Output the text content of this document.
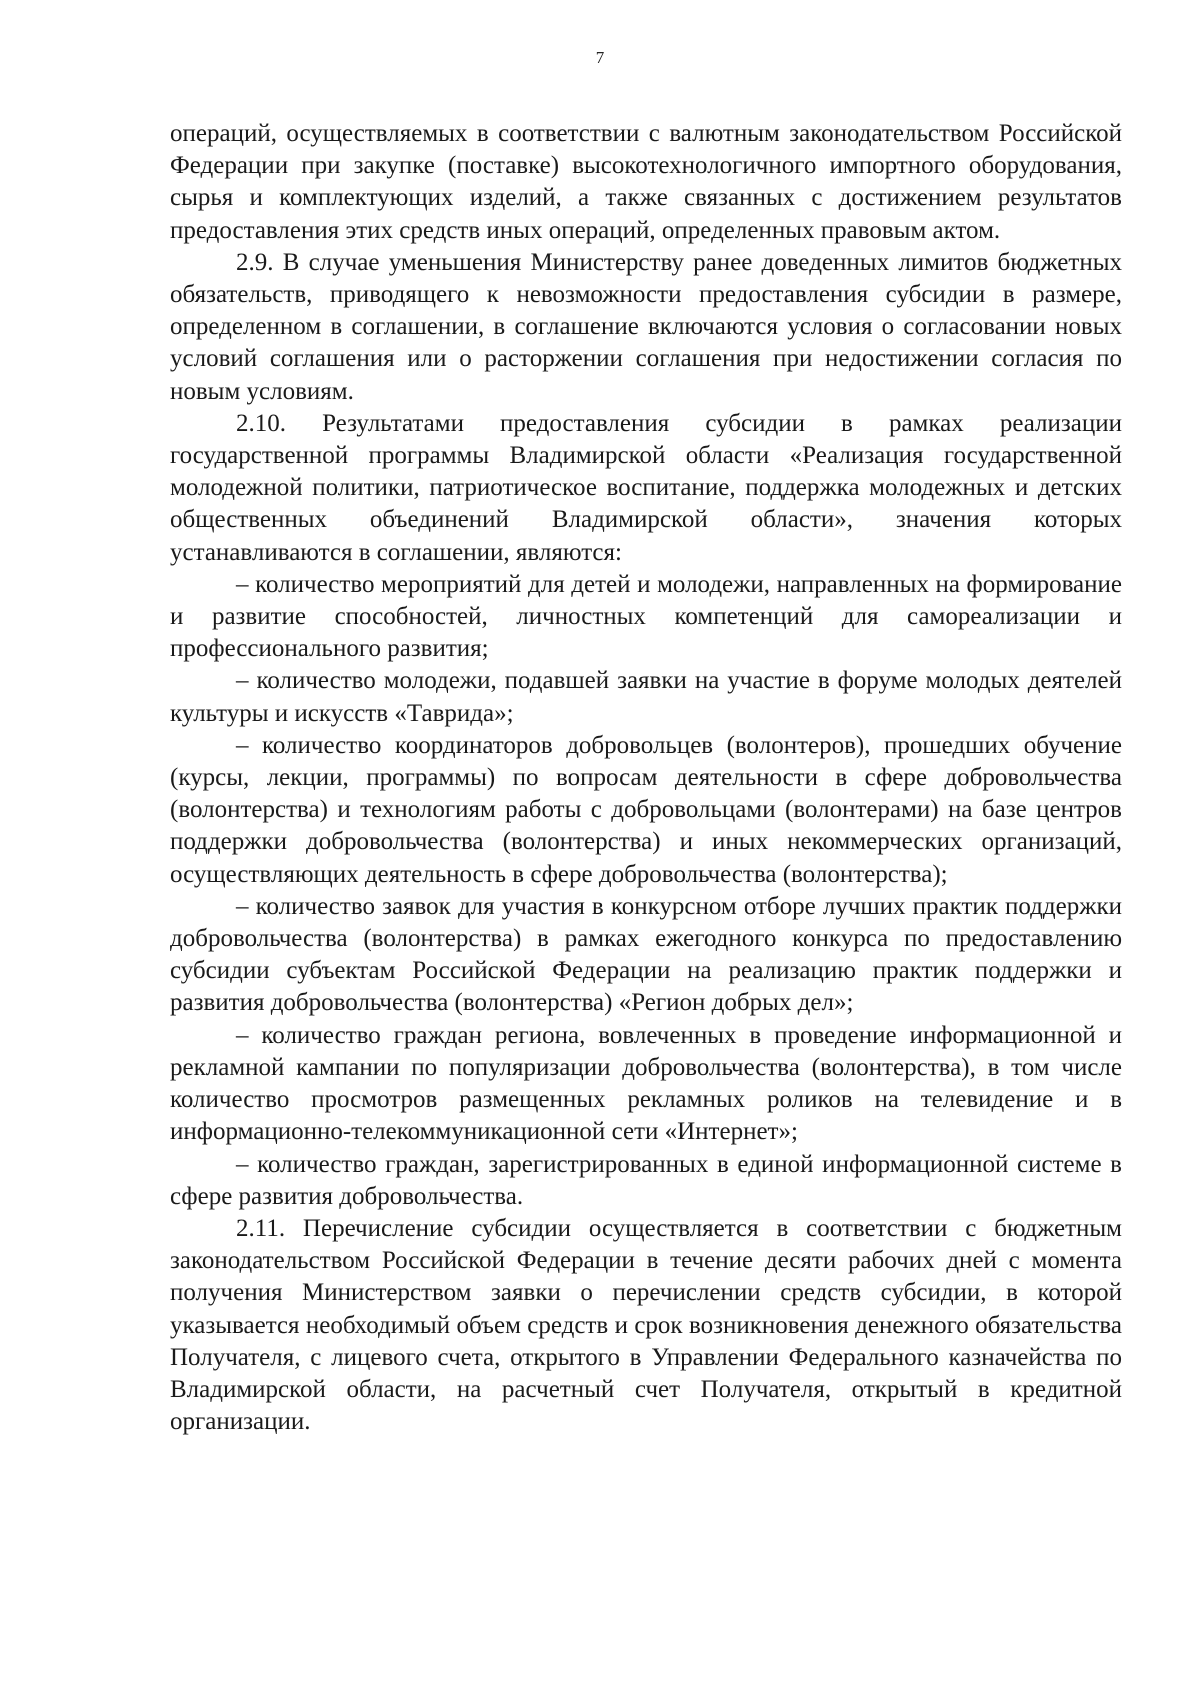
7

операций, осуществляемых в соответствии с валютным законодательством Российской Федерации при закупке (поставке) высокотехнологичного импортного оборудования, сырья и комплектующих изделий, а также связанных с достижением результатов предоставления этих средств иных операций, определенных правовым актом.

2.9. В случае уменьшения Министерству ранее доведенных лимитов бюджетных обязательств, приводящего к невозможности предоставления субсидии в размере, определенном в соглашении, в соглашение включаются условия о согласовании новых условий соглашения или о расторжении соглашения при недостижении согласия по новым условиям.

2.10. Результатами предоставления субсидии в рамках реализации государственной программы Владимирской области «Реализация государственной молодежной политики, патриотическое воспитание, поддержка молодежных и детских общественных объединений Владимирской области», значения которых устанавливаются в соглашении, являются:

– количество мероприятий для детей и молодежи, направленных на формирование и развитие способностей, личностных компетенций для самореализации и профессионального развития;

– количество молодежи, подавшей заявки на участие в форуме молодых деятелей культуры и искусств «Таврида»;

– количество координаторов добровольцев (волонтеров), прошедших обучение (курсы, лекции, программы) по вопросам деятельности в сфере добровольчества (волонтерства) и технологиям работы с добровольцами (волонтерами) на базе центров поддержки добровольчества (волонтерства) и иных некоммерческих организаций, осуществляющих деятельность в сфере добровольчества (волонтерства);

– количество заявок для участия в конкурсном отборе лучших практик поддержки добровольчества (волонтерства) в рамках ежегодного конкурса по предоставлению субсидии субъектам Российской Федерации на реализацию практик поддержки и развития добровольчества (волонтерства) «Регион добрых дел»;

– количество граждан региона, вовлеченных в проведение информационной и рекламной кампании по популяризации добровольчества (волонтерства), в том числе количество просмотров размещенных рекламных роликов на телевидение и в информационно-телекоммуникационной сети «Интернет»;

– количество граждан, зарегистрированных в единой информационной системе в сфере развития добровольчества.

2.11. Перечисление субсидии осуществляется в соответствии с бюджетным законодательством Российской Федерации в течение десяти рабочих дней с момента получения Министерством заявки о перечислении средств субсидии, в которой указывается необходимый объем средств и срок возникновения денежного обязательства Получателя, с лицевого счета, открытого в Управлении Федерального казначейства по Владимирской области, на расчетный счет Получателя, открытый в кредитной организации.
